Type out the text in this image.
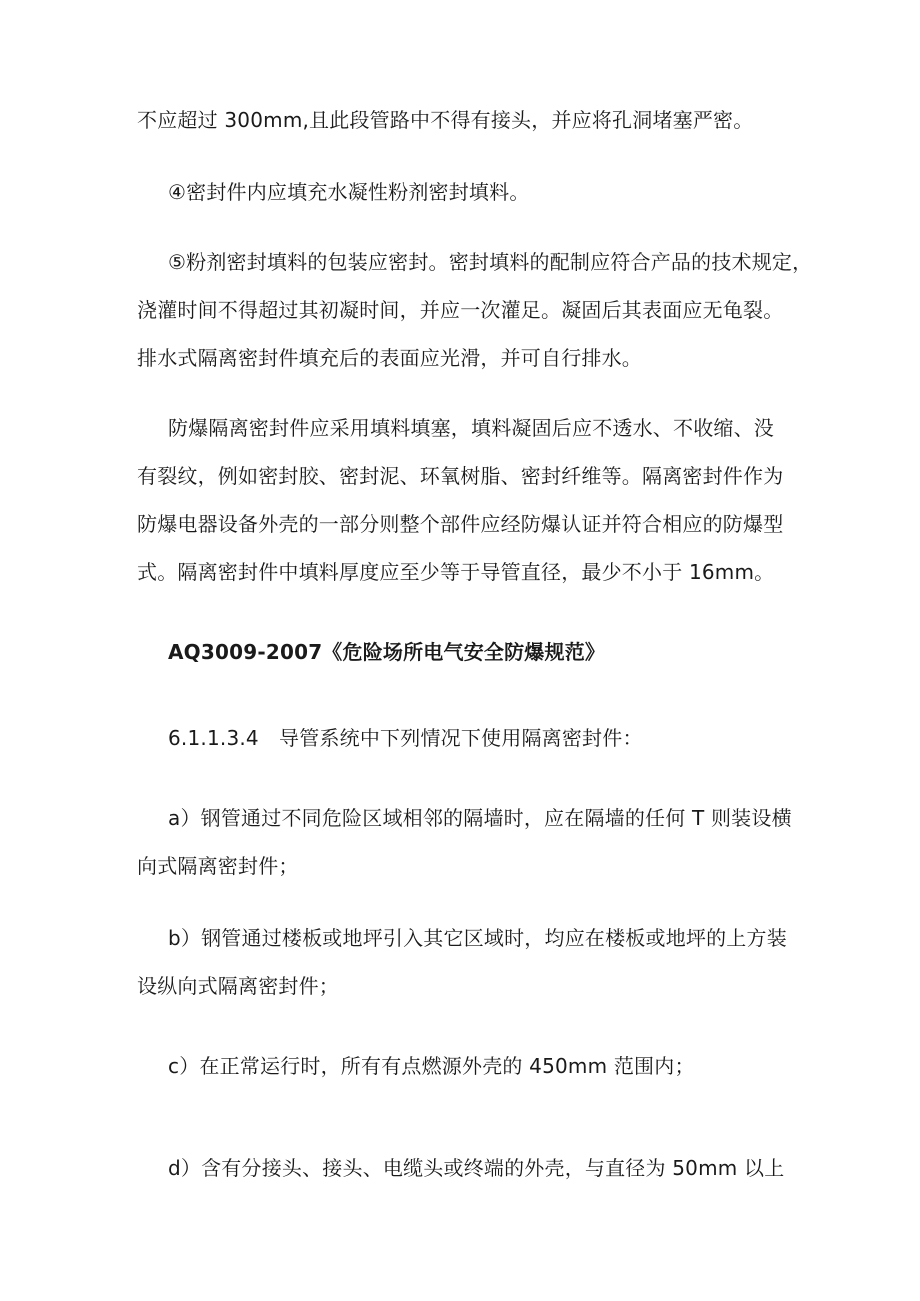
不应超过 300mm,且此段管路中不得有接头，并应将孔洞堵塞严密。
④密封件内应填充水凝性粉剂密封填料。
⑤粉剂密封填料的包装应密封。密封填料的配制应符合产品的技术规定，
浇灌时间不得超过其初凝时间，并应一次灌足。凝固后其表面应无龟裂。
排水式隔离密封件填充后的表面应光滑，并可自行排水。
防爆隔离密封件应采用填料填塞，填料凝固后应不透水、不收缩、没
有裂纹，例如密封胶、密封泥、环氧树脂、密封纤维等。隔离密封件作为
防爆电器设备外壳的一部分则整个部件应经防爆认证并符合相应的防爆型
式。隔离密封件中填料厚度应至少等于导管直径，最少不小于 16mm。
AQ3009-2007《危险场所电气安全防爆规范》
6.1.1.3.4　导管系统中下列情况下使用隔离密封件：
a）钢管通过不同危险区域相邻的隔墙时，应在隔墙的任何 T 则装设横
向式隔离密封件；
b）钢管通过楼板或地坪引入其它区域时，均应在楼板或地坪的上方装
设纵向式隔离密封件；
c）在正常运行时，所有有点燃源外壳的 450mm 范围内；
d）含有分接头、接头、电缆头或终端的外壳，与直径为 50mm 以上
